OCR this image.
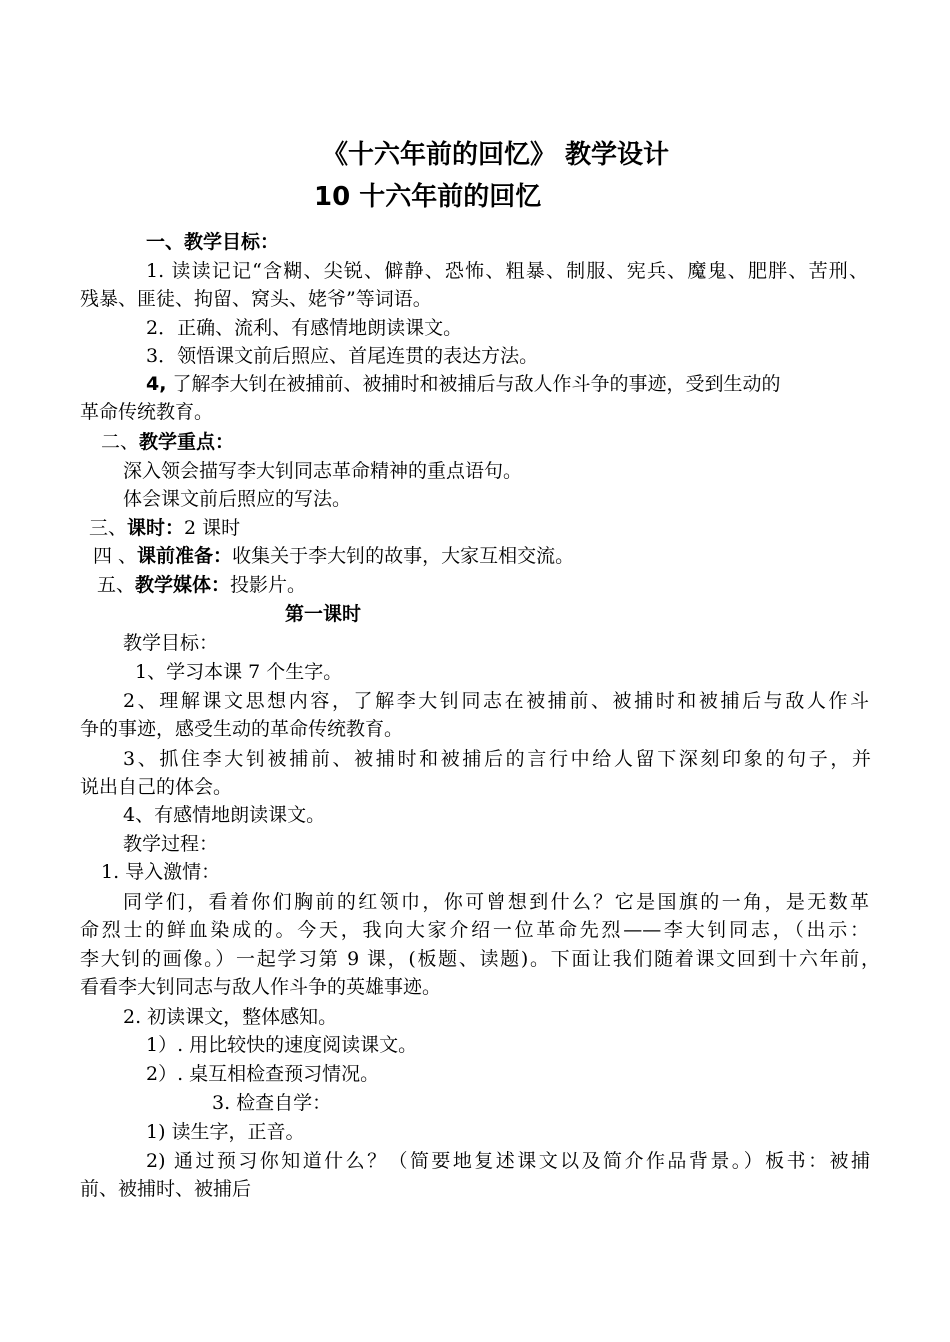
《十六年前的回忆》 教学设计
10 十六年前的回忆
一、教学目标：
1. 读读记记“含糊、尖锐、僻静、恐怖、粗暴、制服、宪兵、魔鬼、肥胖、苦刑、
残暴、匪徒、拘留、窝头、姥爷”等词语。
2．正确、流利、有感情地朗读课文。
3．领悟课文前后照应、首尾连贯的表达方法。
4, 了解李大钊在被捕前、被捕时和被捕后与敌人作斗争的事迹，受到生动的
革命传统教育。
二、教学重点：
深入领会描写李大钊同志革命精神的重点语句。
体会课文前后照应的写法。
三、课时：2 课时
四 、课前准备：收集关于李大钊的故事，大家互相交流。
五、教学媒体：投影片。
第一课时
教学目标：
1、学习本课 7 个生字。
2、理解课文思想内容，了解李大钊同志在被捕前、被捕时和被捕后与敌人作斗
争的事迹，感受生动的革命传统教育。
3、抓住李大钊被捕前、被捕时和被捕后的言行中给人留下深刻印象的句子，并
说出自己的体会。
4、有感情地朗读课文。
教学过程：
1. 导入激情：
同学们，看着你们胸前的红领巾，你可曾想到什么？它是国旗的一角，是无数革
命烈士的鲜血染成的。今天，我向大家介绍一位革命先烈——李大钊同志，（出示：
李大钊的画像。）一起学习第 9 课，(板题、读题)。下面让我们随着课文回到十六年前，
看看李大钊同志与敌人作斗争的英雄事迹。
2. 初读课文，整体感知。
1）. 用比较快的速度阅读课文。
2）. 桌互相检查预习情况。
3. 检查自学：
1) 读生字，正音。
2) 通过预习你知道什么？（简要地复述课文以及简介作品背景。）板书：被捕
前、被捕时、被捕后
